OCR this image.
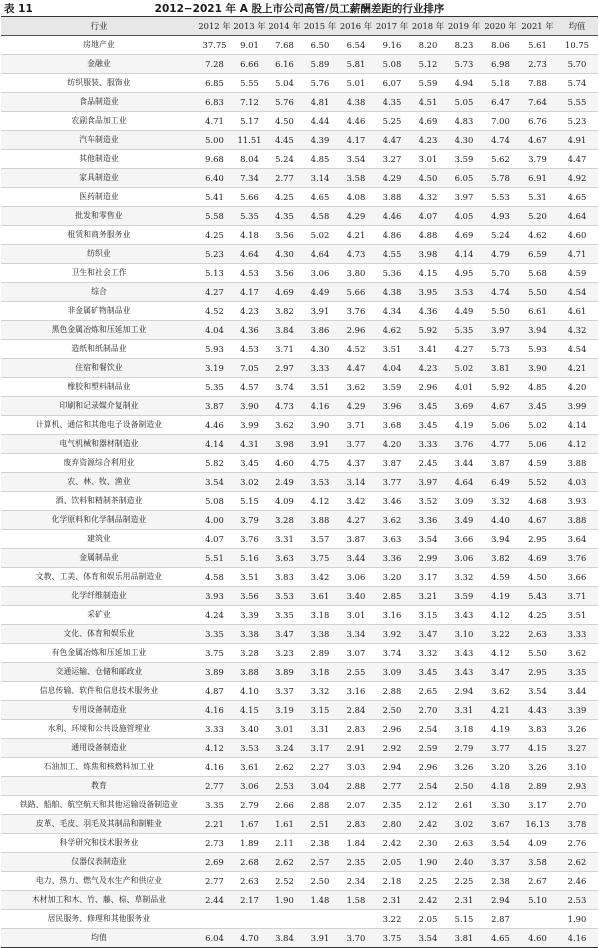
表 11	2012−2021 年 A 股上市公司高管/员工薪酬差距的行业排序
行业	2012 年	2013 年	2014 年	2015 年	2016 年	2017 年	2018 年	2019 年	2020 年	2021 年	均值
房地产业	37.75	9.01	7.68	6.50	6.54	9.16	8.20	8.23	8.06	5.61	10.75
金融业	7.28	6.66	6.16	5.89	5.81	5.08	5.12	5.73	6.98	2.73	5.70
纺织服装、服饰业	6.85	5.55	5.04	5.76	5.01	6.07	5.59	4.94	5.18	7.88	5.74
食品制造业	6.83	7.12	5.76	4.81	4.38	4.35	4.51	5.05	6.47	7.64	5.55
农副食品加工业	4.71	5.17	4.50	4.44	4.46	5.25	4.69	4.83	7.00	6.76	5.23
汽车制造业	5.00	11.51	4.45	4.39	4.17	4.47	4.23	4.30	4.74	4.67	4.91
其他制造业	9.68	8.04	5.24	4.85	3.54	3.27	3.01	3.59	5.62	3.79	4.47
家具制造业	6.40	7.34	2.77	3.14	3.58	4.29	4.50	6.05	5.78	6.91	4.92
医药制造业	5.41	5.66	4.25	4.65	4.08	3.88	4.32	3.97	5.53	5.31	4.65
批发和零售业	5.58	5.35	4.35	4.58	4.29	4.46	4.07	4.05	4.93	5.20	4.64
租赁和商务服务业	4.25	4.18	3.56	5.02	4.21	4.86	4.88	4.69	5.24	4.62	4.60
纺织业	5.23	4.64	4.30	4.64	4.73	4.55	3.98	4.14	4.79	6.59	4.71
卫生和社会工作	5.13	4.53	3.56	3.06	3.80	5.36	4.15	4.95	5.70	5.68	4.59
综合	4.27	4.17	4.69	4.49	5.66	4.38	3.95	3.53	4.74	5.50	4.54
非金属矿物制品业	4.52	4.23	3.82	3.91	3.76	4.34	4.36	4.49	5.50	6.61	4.61
黑色金属冶炼和压延加工业	4.04	4.36	3.84	3.86	2.96	4.62	5.92	5.35	3.97	3.94	4.32
造纸和纸制品业	5.93	4.53	3.71	4.30	4.52	3.51	3.41	4.27	5.73	5.93	4.54
住宿和餐饮业	3.19	7.05	2.97	3.33	4.47	4.04	4.23	5.02	3.81	3.90	4.21
橡胶和塑料制品业	5.35	4.57	3.74	3.51	3.62	3.59	2.96	4.01	5.92	4.85	4.20
印刷和记录媒介复制业	3.87	3.90	4.73	4.16	4.29	3.96	3.45	3.69	4.67	3.45	3.99
计算机、通信和其他电子设备制造业	4.46	3.99	3.62	3.90	3.71	3.68	3.45	4.19	5.06	5.02	4.14
电气机械和器材制造业	4.14	4.31	3.98	3.91	3.77	4.20	3.33	3.76	4.77	5.06	4.12
废弃资源综合利用业	5.82	3.45	4.60	4.75	4.37	3.87	2.45	3.44	3.87	4.59	3.88
农、林、牧、渔业	3.54	3.02	2.49	3.53	3.14	3.77	3.97	4.64	6.49	5.52	4.03
酒、饮料和精制茶制造业	5.08	5.15	4.09	4.12	3.42	3.46	3.52	3.09	3.32	4.68	3.93
化学原料和化学制品制造业	4.00	3.79	3.28	3.88	4.27	3.62	3.36	3.49	4.40	4.67	3.88
建筑业	4.07	3.76	3.31	3.57	3.87	3.63	3.54	3.66	3.94	2.95	3.64
金属制品业	5.51	5.16	3.63	3.75	3.44	3.36	2.99	3.06	3.82	4.69	3.76
文教、工美、体育和娱乐用品制造业	4.58	3.51	3.83	3.42	3.06	3.20	3.17	3.32	4.59	4.50	3.66
化学纤维制造业	3.93	3.56	3.53	3.61	3.40	2.85	3.21	3.59	4.19	5.43	3.71
采矿业	4.24	3.39	3.35	3.18	3.01	3.16	3.15	3.43	4.12	4.25	3.51
文化、体育和娱乐业	3.35	3.38	3.47	3.38	3.34	3.92	3.47	3.10	3.22	2.63	3.33
有色金属冶炼和压延加工业	3.75	3.28	3.23	2.89	3.07	3.74	3.32	3.43	4.12	5.50	3.62
交通运输、仓储和邮政业	3.89	3.88	3.89	3.18	2.55	3.09	3.45	3.43	3.47	2.95	3.35
信息传输、软件和信息技术服务业	4.87	4.10	3.37	3.32	3.16	2.88	2.65	2.94	3.62	3.54	3.44
专用设备制造业	4.16	4.15	3.19	3.15	2.84	2.50	2.70	3.31	4.21	4.43	3.39
水利、环境和公共设施管理业	3.33	3.40	3.01	3.31	2.83	2.96	2.54	3.18	4.19	3.83	3.26
通用设备制造业	4.12	3.53	3.24	3.17	2.91	2.92	2.59	2.79	3.77	4.15	3.27
石油加工、炼焦和核燃料加工业	4.16	3.61	2.62	2.27	3.03	2.94	2.96	3.26	3.20	3.26	3.10
教育	2.77	3.06	2.53	3.04	2.88	2.77	2.54	2.50	4.18	2.89	2.93
铁路、船舶、航空航天和其他运输设备制造业	3.35	2.79	2.66	2.88	2.07	2.35	2.12	2.61	3.30	3.17	2.70
皮革、毛皮、羽毛及其制品和制鞋业	2.21	1.67	1.61	2.51	2.83	2.80	2.42	3.02	3.67	16.13	3.78
科学研究和技术服务业	2.73	1.89	2.11	2.38	1.84	2.42	2.30	2.63	3.54	4.09	2.76
仪器仪表制造业	2.69	2.68	2.62	2.57	2.35	2.05	1.90	2.40	3.37	3.58	2.62
电力、热力、燃气及水生产和供应业	2.77	2.63	2.52	2.50	2.34	2.18	2.25	2.25	2.38	2.67	2.46
木材加工和木、竹、藤、棕、草制品业	2.44	2.17	1.90	1.48	1.58	2.31	2.42	2.31	2.94	5.10	2.53
居民服务、修理和其他服务业						3.22	2.05	5.15	2.87		1.90
均值	6.04	4.70	3.84	3.91	3.70	3.75	3.54	3.81	4.65	4.60	4.16
